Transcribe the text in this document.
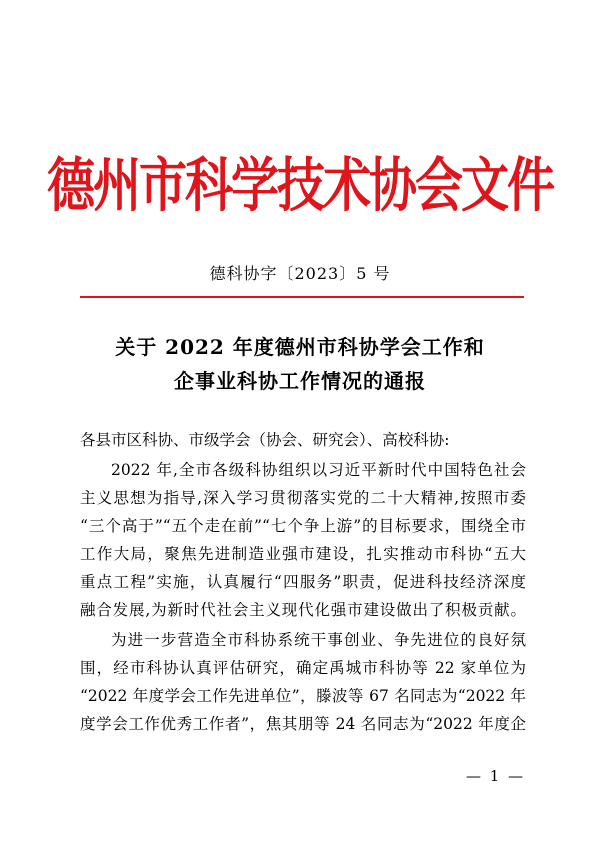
德州市科学技术协会文件
德科协字〔2023〕5 号
关于 2022 年度德州市科协学会工作和
企事业科协工作情况的通报
各县市区科协、市级学会（协会、研究会）、高校科协:
2022 年,全市各级科协组织以习近平新时代中国特色社会
主义思想为指导,深入学习贯彻落实党的二十大精神,按照市委
“三个高于”“五个走在前”“七个争上游”的目标要求，围绕全市
工作大局，聚焦先进制造业强市建设，扎实推动市科协“五大
重点工程”实施，认真履行“四服务”职责，促进科技经济深度
融合发展,为新时代社会主义现代化强市建设做出了积极贡献。
为进一步营造全市科协系统干事创业、争先进位的良好氛
围，经市科协认真评估研究，确定禹城市科协等 22 家单位为
“2022 年度学会工作先进单位”，滕波等 67 名同志为“2022 年
度学会工作优秀工作者”，焦其朋等 24 名同志为“2022 年度企
— 1 —
